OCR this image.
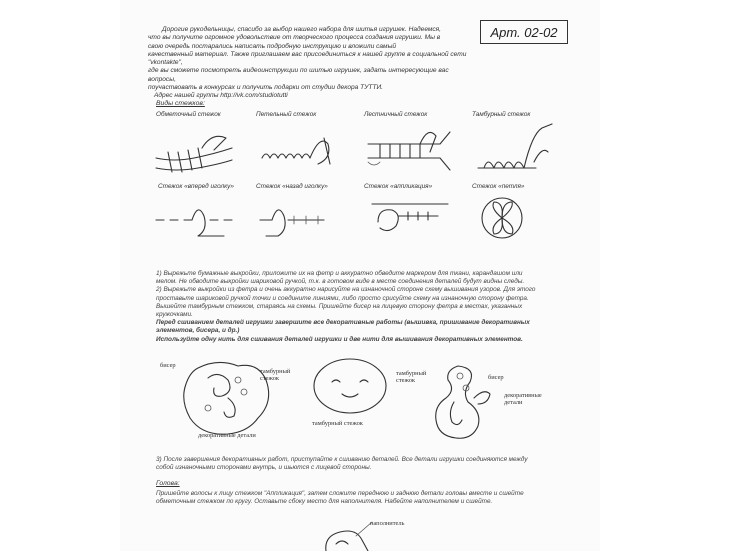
Дорогие рукодельницы, спасибо за выбор нашего набора для шитья игрушек. Надеемся,

что вы получите огромное удовольствие от творческого процесса создания игрушки. Мы в

свою очередь постарались написать подробную инструкцию и вложили самый

качественный материал. Также приглашаем вас присоединиться к нашей группе в социальной сети "vkontakte",

где вы сможете посмотреть видеоинструкции по шитью игрушек, задать интересующие вас вопросы,

поучаствовать в конкурсах и получить подарки от студии декора ТУТТИ.

Адрес нашей группы http://vk.com/studiotutti

Арт. 02-02
Виды стежков:
Обметочный стежок	Петельный стежок	Лестничный стежок	Тамбурный стежок
Стежок «вперед иголку»	Стежок «назад иголку»	Стежок «аппликация»	Стежок «петля»

1) Вырежьте бумажные выкройки, приложите их на фетр и аккуратно обведите маркером для ткани, карандашом или

мелом. Не обводите выкройки шариковой ручкой, т.к. в готовом виде в месте соединения деталей будут видны следы.

2) Вырежьте выкройки из фетра и очень аккуратно нарисуйте на изнаночной стороне схему вышивания узоров. Для этого

проставьте шариковой ручкой точки и соедините линиями, либо просто срисуйте схему на изнаночную сторону фетра.

Вышейте тамбурным стежком, стараясь на схемы. Пришейте бисер на лицевую сторону фетра в местах, указанных

кружочками.

Перед сшиванием деталей игрушки завершите все декоративные работы (вышивка, пришивание декоративных

элементов, бисера, и др.)

Используйте одну нить для сшивания деталей игрушки и две нити для вышивания декоративных элементов.

бисер
тамбурный стежок
декоративные детали
тамбурный стежок
тамбурный стежок	бисер
декоративные детали

3) После завершения декоративных работ, приступайте к сшиванию деталей. Все детали игрушки соединяются между

собой изнаночными сторонами внутрь, и шьются с лицевой стороны.

Голова:

Пришейте волосы к лицу стежком "Аппликация", затем сложите переднюю и заднюю детали головы вместе и сшейте

обметочным стежком по кругу. Оставьте сбоку место для наполнителя. Набейте наполнителем и сшейте.

наполнитель
